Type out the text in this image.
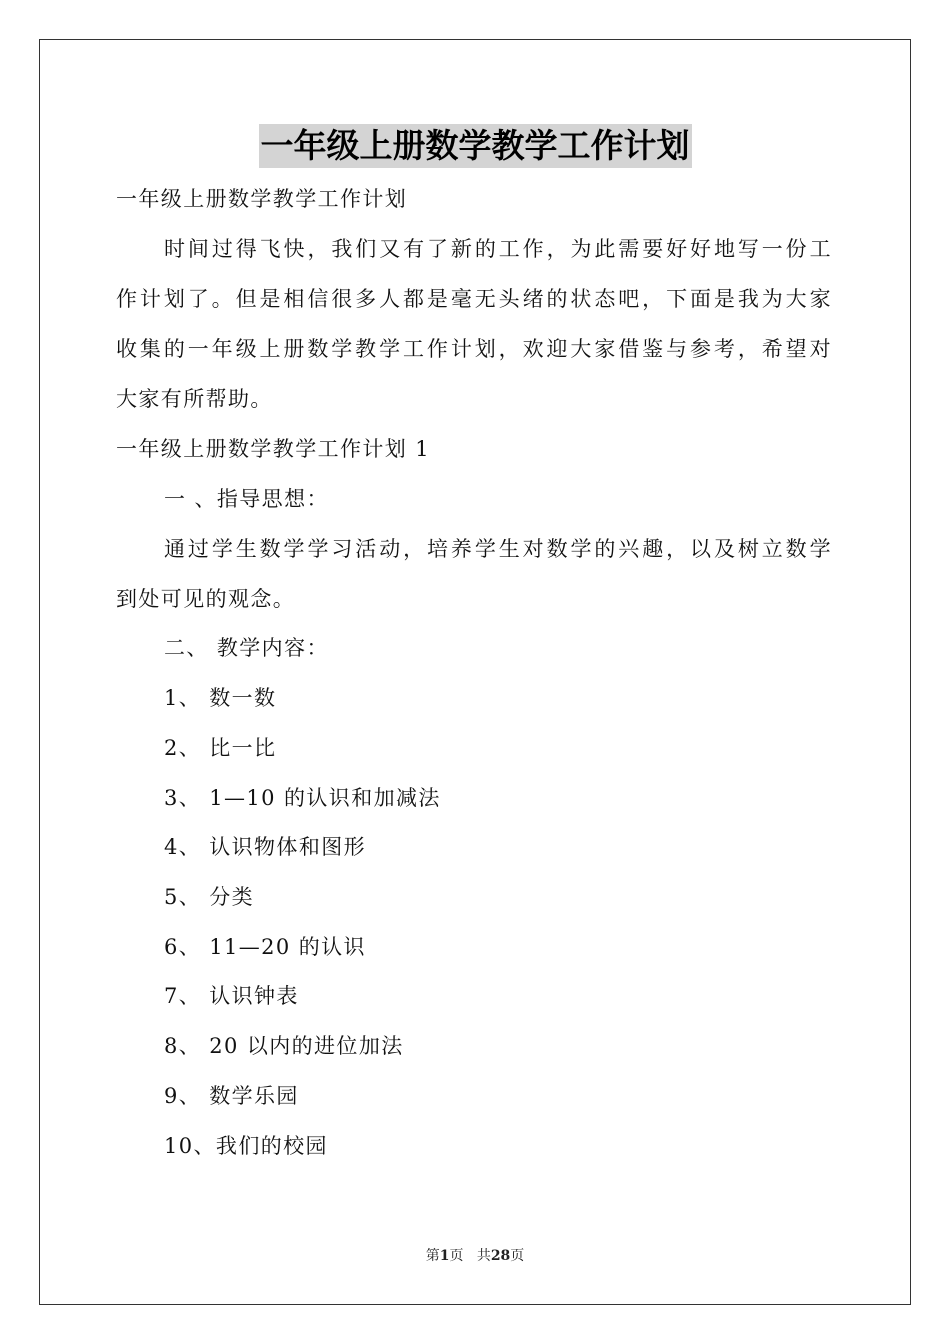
一年级上册数学教学工作计划
一年级上册数学教学工作计划
时间过得飞快，我们又有了新的工作，为此需要好好地写一份工
作计划了。但是相信很多人都是毫无头绪的状态吧，下面是我为大家
收集的一年级上册数学教学工作计划，欢迎大家借鉴与参考，希望对
大家有所帮助。
一年级上册数学教学工作计划 1
一 、指导思想：
通过学生数学学习活动，培养学生对数学的兴趣，以及树立数学
到处可见的观念。
二、 教学内容：
1、 数一数
2、 比一比
3、 1—10 的认识和加减法
4、 认识物体和图形
5、 分类
6、 11—20 的认识
7、 认识钟表
8、 20 以内的进位加法
9、 数学乐园
10、我们的校园
第1页 共28页
